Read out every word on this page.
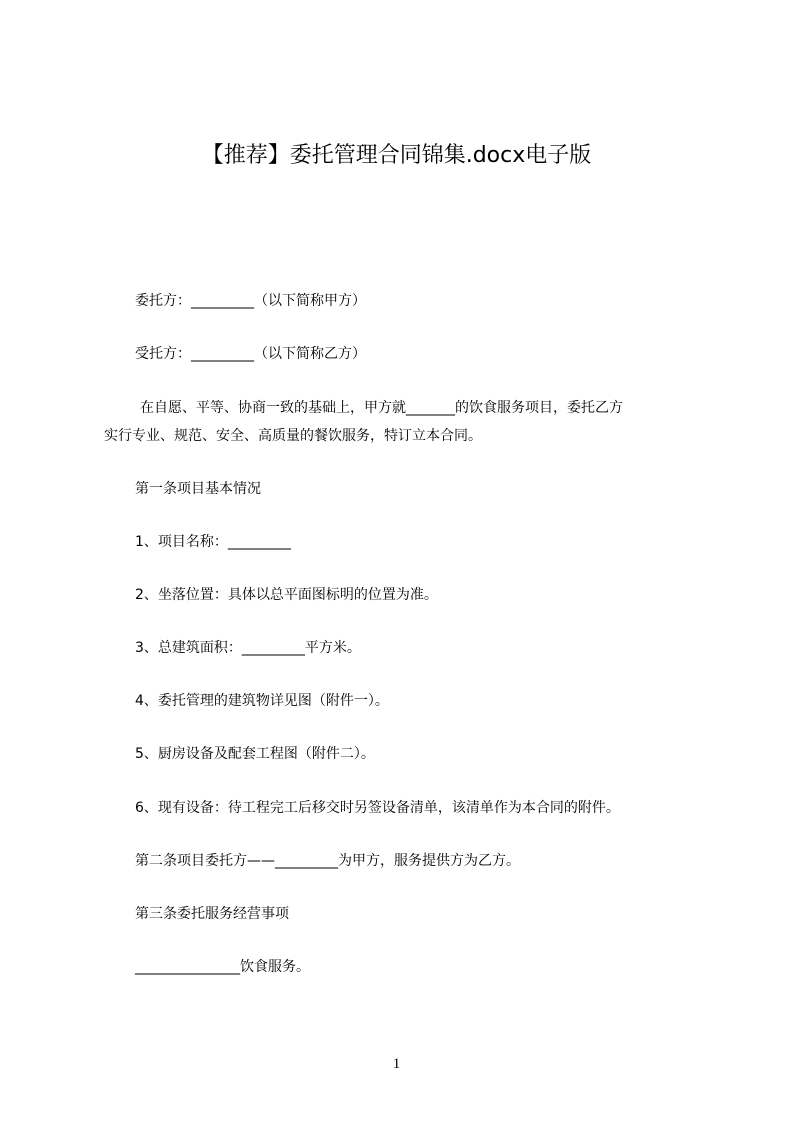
【推荐】委托管理合同锦集.docx电子版
委托方：_________（以下简称甲方）
受托方：_________（以下简称乙方）
在自愿、平等、协商一致的基础上，甲方就_______的饮食服务项目，委托乙方
实行专业、规范、安全、高质量的餐饮服务，特订立本合同。
第一条项目基本情况
1、项目名称：_________
2、坐落位置：具体以总平面图标明的位置为准。
3、总建筑面积：_________平方米。
4、委托管理的建筑物详见图（附件一）。
5、厨房设备及配套工程图（附件二）。
6、现有设备：待工程完工后移交时另签设备清单，该清单作为本合同的附件。
第二条项目委托方——_________为甲方，服务提供方为乙方。
第三条委托服务经营事项
_______________饮食服务。
1
